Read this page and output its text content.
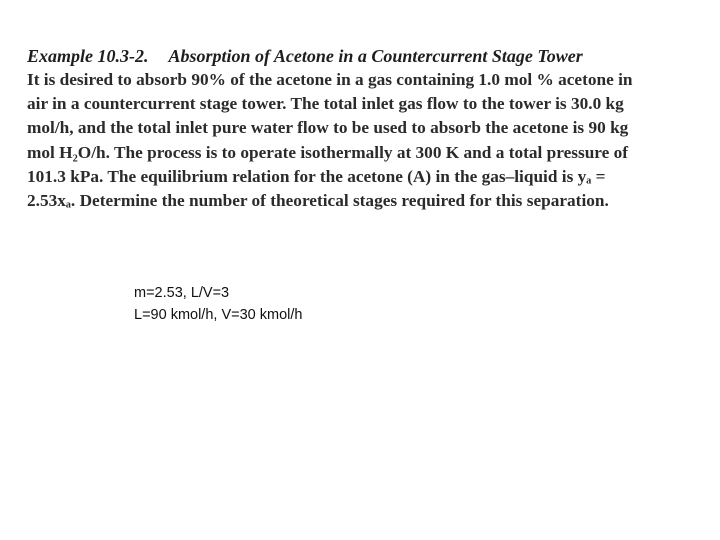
Example 10.3-2. Absorption of Acetone in a Countercurrent Stage Tower
It is desired to absorb 90% of the acetone in a gas containing 1.0 mol % acetone in
air in a countercurrent stage tower. The total inlet gas flow to the tower is 30.0 kg
mol/h, and the total inlet pure water flow to be used to absorb the acetone is 90 kg
mol H₂O/h. The process is to operate isothermally at 300 K and a total pressure of
101.3 kPa. The equilibrium relation for the acetone (A) in the gas–liquid is yₐ =
2.53xₐ. Determine the number of theoretical stages required for this separation.
m=2.53, L/V=3
L=90 kmol/h, V=30 kmol/h
